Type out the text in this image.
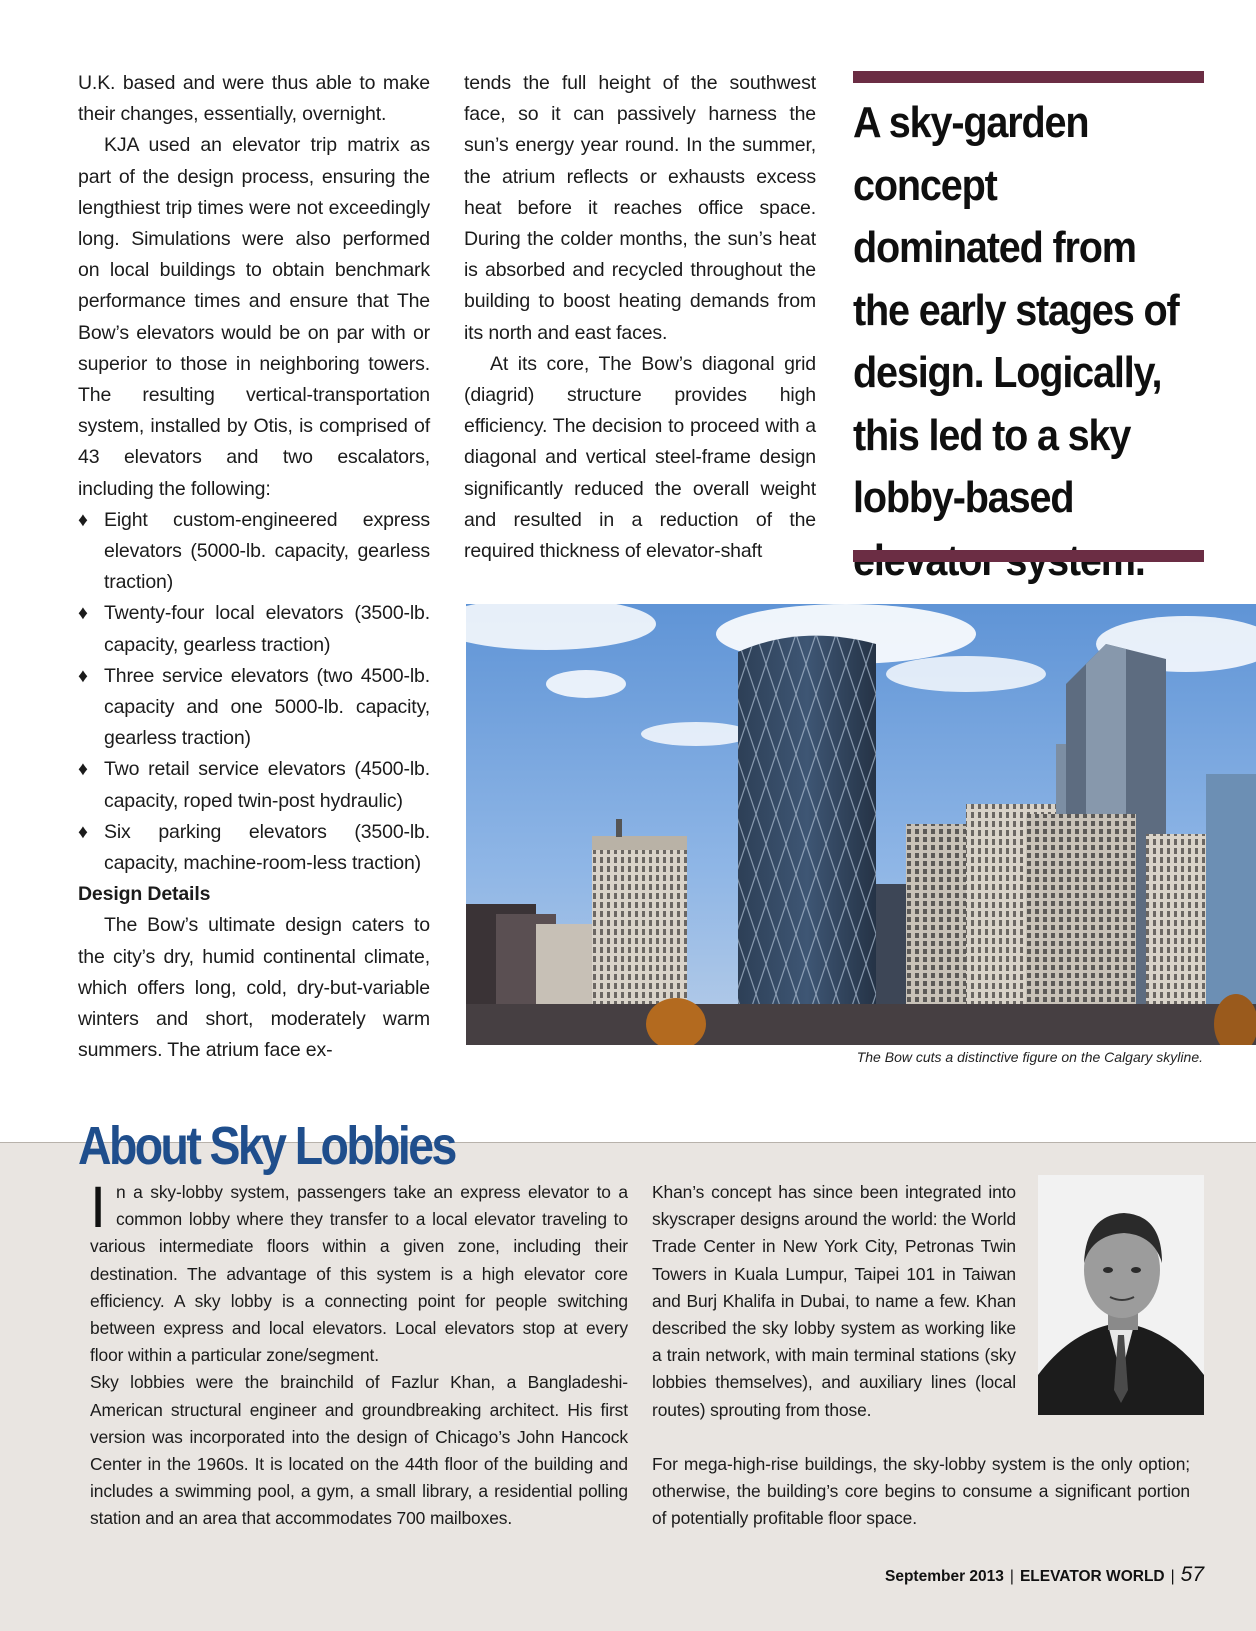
U.K. based and were thus able to make their changes, essentially, overnight.

KJA used an elevator trip matrix as part of the design process, ensuring the lengthiest trip times were not exceedingly long. Simulations were also performed on local buildings to obtain benchmark performance times and ensure that The Bow’s elevators would be on par with or superior to those in neighboring towers. The resulting vertical-transportation system, installed by Otis, is comprised of 43 elevators and two escalators, including the following:

♦ Eight custom-engineered express elevators (5000-lb. capacity, gearless traction)
♦ Twenty-four local elevators (3500-lb. capacity, gearless traction)
♦ Three service elevators (two 4500-lb. capacity and one 5000-lb. capacity, gearless traction)
♦ Two retail service elevators (4500-lb. capacity, roped twin-post hydraulic)
♦ Six parking elevators (3500-lb. capacity, machine-room-less traction)

Design Details

The Bow’s ultimate design caters to the city’s dry, humid continental climate, which offers long, cold, dry-but-variable winters and short, moderately warm summers. The atrium face ex-

tends the full height of the southwest face, so it can passively harness the sun’s energy year round. In the summer, the atrium reflects or exhausts excess heat before it reaches office space. During the colder months, the sun’s heat is absorbed and recycled throughout the building to boost heating demands from its north and east faces.

At its core, The Bow’s diagonal grid (diagrid) structure provides high efficiency. The decision to proceed with a diagonal and vertical steel-frame design significantly reduced the overall weight and resulted in a reduction of the required thickness of elevator-shaft

A sky-garden concept dominated from the early stages of design. Logically, this led to a sky lobby-based
The Bow cuts a distinctive figure on the Calgary skyline.
About Sky Lobbies

In a sky-lobby system, passengers take an express elevator to a common lobby where they transfer to a local elevator traveling to various intermediate floors within a given zone, including their destination. The advantage of this system is a high elevator core efficiency. A sky lobby is a connecting point for people switching between express and local elevators. Local elevators stop at every floor within a particular zone/segment.

Sky lobbies were the brainchild of Fazlur Khan, a Bangladeshi-American structural engineer and groundbreaking architect. His first version was incorporated into the design of Chicago’s John Hancock Center in the 1960s. It is located on the 44th floor of the building and includes a swimming pool, a gym, a small library, a residential polling station and an area that accommodates 700 mailboxes.

Khan’s concept has since been integrated into skyscraper designs around the world: the World Trade Center in New York City, Petronas Twin Towers in Kuala Lumpur, Taipei 101 in Taiwan and Burj Khalifa in Dubai, to name a few. Khan described the sky lobby system as working like a train network, with main terminal stations (sky lobbies themselves), and auxiliary lines (local routes) sprouting from those.

For mega-high-rise buildings, the sky-lobby system is the only option; otherwise, the building’s core begins to consume a significant portion of potentially profitable floor space.

September 2013 | ELEVATOR WORLD | 57
